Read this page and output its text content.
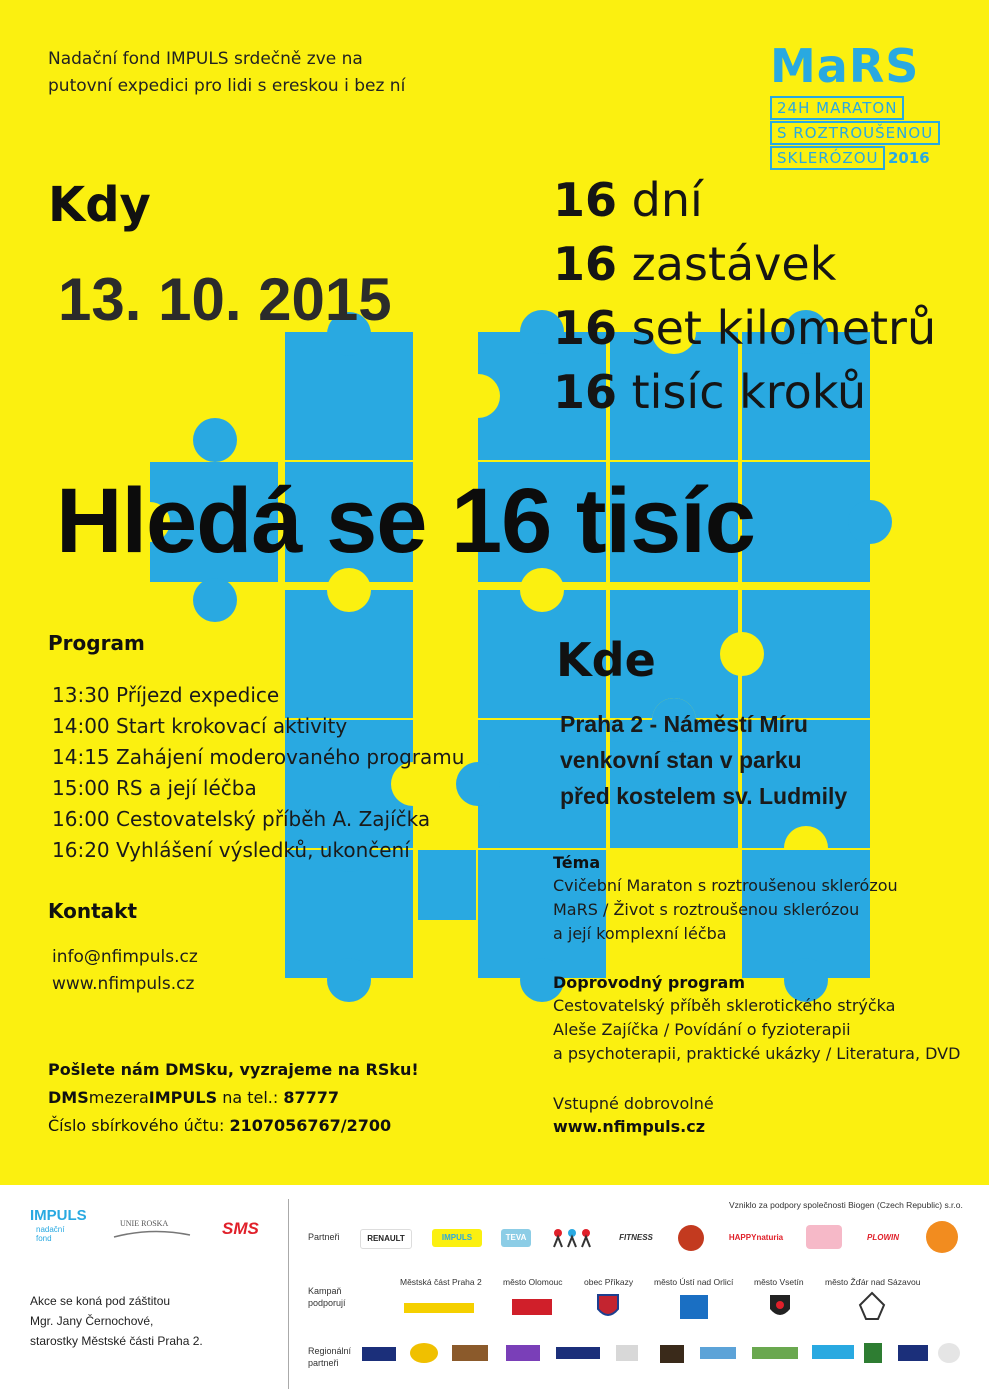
Nadační fond IMPULS srdečně zve na
putovní expedici pro lidi s ereskou i bez ní	MaRS
24H MARATON
S ROZTROUŠENOU
SKLERÓZOU 2016
Kdy
13. 10. 2015
16 dní
16 zastávek
16 set kilometrů
16 tisíc kroků
Hledá se 16 tisíc
Program
13:30 Příjezd expedice
14:00 Start krokovací aktivity
14:15 Zahájení moderovaného programu
15:00 RS a její léčba
16:00 Cestovatelský příběh A. Zajíčka
16:20 Vyhlášení výsledků, ukončení
Kde
Praha 2 - Náměstí Míru
venkovní stan v parku
před kostelem sv. Ludmily
Téma
Cvičební Maraton s roztroušenou sklerózou
MaRS / Život s roztroušenou sklerózou
a její komplexní léčba
Doprovodný program
Cestovatelský příběh sklerotického strýčka
Aleše Zajíčka / Povídání o fyzioterapii
a psychoterapii, praktické ukázky / Literatura, DVD
Vstupné dobrovolné
www.nfimpuls.cz
Kontakt
info@nfimpuls.cz
www.nfimpuls.cz
Pošlete nám DMSku, vyzrajeme na RSku!
DMSmezeraIMPULS na tel.: 87777
Číslo sbírkového účtu: 2107056767/2700
IMPULS
nadační
fond
UNIE ROSKA	SMS
Vzniklo za podpory společnosti Biogen (Czech Republic) s.r.o.
Partneři	RENAULT	IMPULS	TEVA	FITNESS	HAPPYnaturia	PLOWIN
Kampaň
podporují
Městská část Praha 2	město Olomouc	obec Příkazy město Ústí nad Orlicí město Vsetín	město Žďár nad Sázavou
Akce se koná pod záštitou
Mgr. Jany Černochové,
starostky Městské části Praha 2.
Regionální
partneři
